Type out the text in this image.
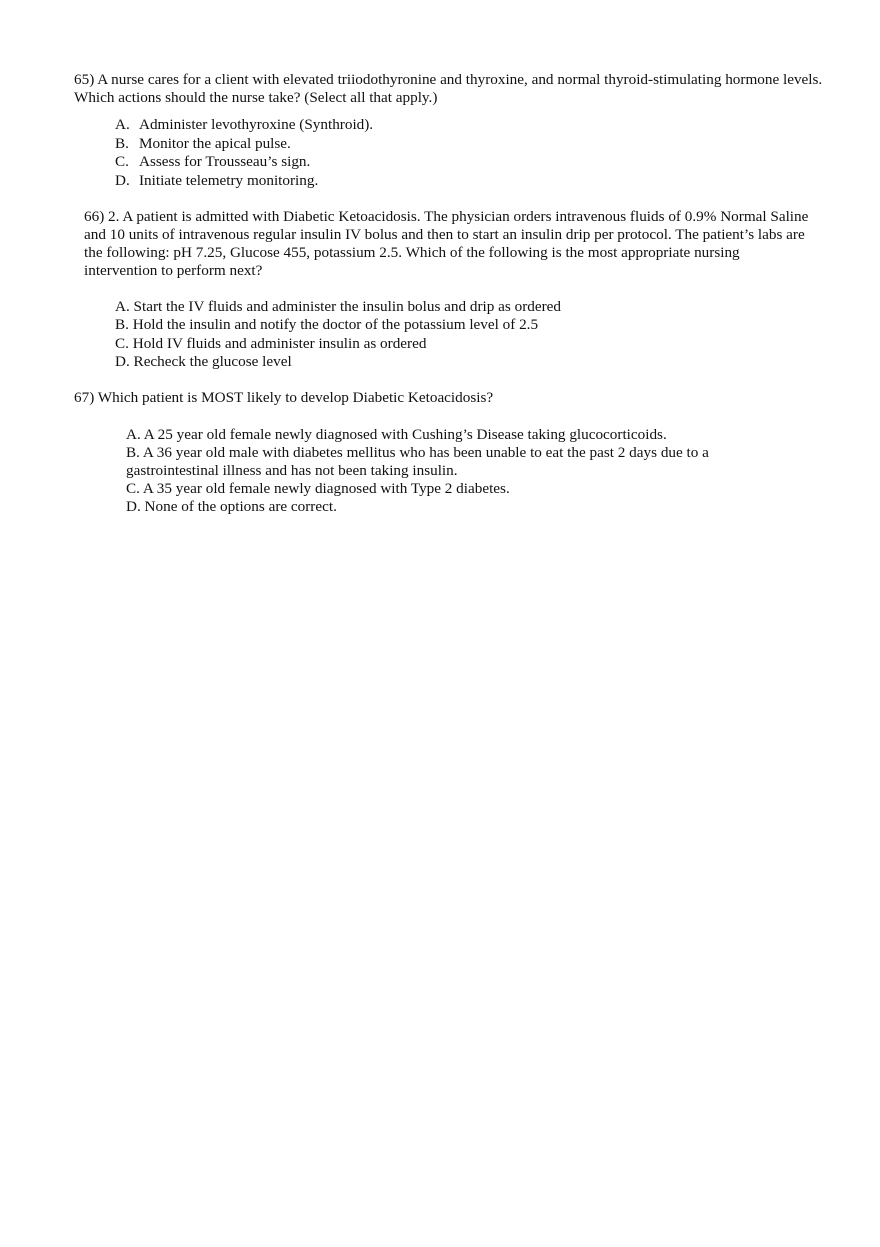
65) A nurse cares for a client with elevated triiodothyronine and thyroxine, and normal thyroid-stimulating hormone levels. Which actions should the nurse take? (Select all that apply.)
A. Administer levothyroxine (Synthroid).
B. Monitor the apical pulse.
C. Assess for Trousseau’s sign.
D. Initiate telemetry monitoring.
66) 2. A patient is admitted with Diabetic Ketoacidosis. The physician orders intravenous fluids of 0.9% Normal Saline and 10 units of intravenous regular insulin IV bolus and then to start an insulin drip per protocol. The patient’s labs are the following: pH 7.25, Glucose 455, potassium 2.5. Which of the following is the most appropriate nursing intervention to perform next?
A. Start the IV fluids and administer the insulin bolus and drip as ordered
B. Hold the insulin and notify the doctor of the potassium level of 2.5
C. Hold IV fluids and administer insulin as ordered
D. Recheck the glucose level
67) Which patient is MOST likely to develop Diabetic Ketoacidosis?
A. A 25 year old female newly diagnosed with Cushing’s Disease taking glucocorticoids.
B. A 36 year old male with diabetes mellitus who has been unable to eat the past 2 days due to a gastrointestinal illness and has not been taking insulin.
C. A 35 year old female newly diagnosed with Type 2 diabetes.
D. None of the options are correct.
